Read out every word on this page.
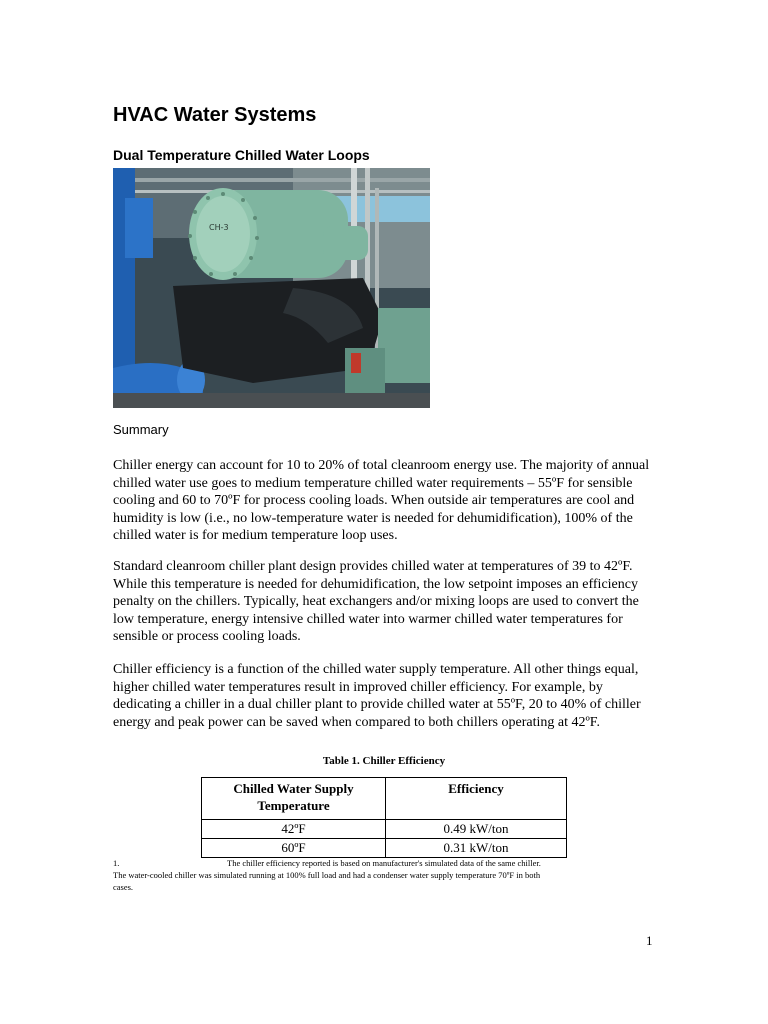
HVAC Water Systems
Dual Temperature Chilled Water Loops
CH-3
Summary

Chiller energy can account for 10 to 20% of total cleanroom energy use. The majority of annual chilled water use goes to medium temperature chilled water requirements – 55ºF for sensible cooling and 60 to 70ºF for process cooling loads. When outside air temperatures are cool and humidity is low (i.e., no low-temperature water is needed for dehumidification), 100% of the chilled water is for medium temperature loop uses.

Standard cleanroom chiller plant design provides chilled water at temperatures of 39 to 42ºF. While this temperature is needed for dehumidification, the low setpoint imposes an efficiency penalty on the chillers. Typically, heat exchangers and/or mixing loops are used to convert the low temperature, energy intensive chilled water into warmer chilled water temperatures for sensible or process cooling loads.

Chiller efficiency is a function of the chilled water supply temperature. All other things equal, higher chilled water temperatures result in improved chiller efficiency. For example, by dedicating a chiller in a dual chiller plant to provide chilled water at 55ºF, 20 to 40% of chiller energy and peak power can be saved when compared to both chillers operating at 42ºF.

Table 1. Chiller Efficiency
Chilled Water Supply Temperature	Efficiency
42ºF	0.49 kW/ton
60ºF	0.31 kW/ton
1.	The chiller efficiency reported is based on manufacturer's simulated data of the same chiller. The water-cooled chiller was simulated running at 100% full load and had a condenser water supply temperature 70ºF in both cases.
1
